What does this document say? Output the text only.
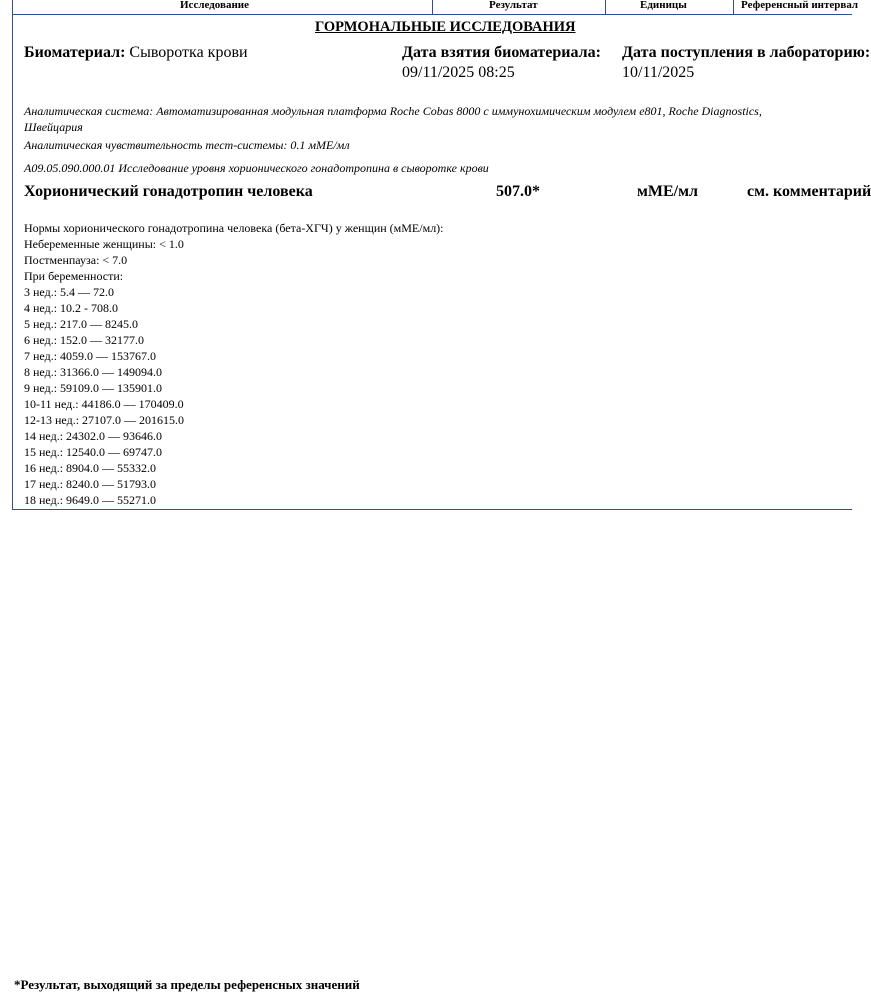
Исследование	Результат	Единицы	Референсный интервал
ГОРМОНАЛЬНЫЕ ИССЛЕДОВАНИЯ
Биоматериал: Сыворотка крови	Дата взятия биоматериала:
09/11/2025 08:25
Дата поступления в лабораторию:
10/11/2025
Аналитическая система: Автоматизированная модульная платформа Roche Cobas 8000 с иммунохимическим модулем e801, Roche Diagnostics,
Швейцария
Аналитическая чувствительность тест-системы: 0.1 мМЕ/мл
A09.05.090.000.01 Исследование уровня хорионического гонадотропина в сыворотке крови
Хорионический гонадотропин человека	507.0*	мМЕ/мл	см. комментарий
Нормы хорионического гонадотропина человека (бета-ХГЧ) у женщин (мМЕ/мл):
Небеременные женщины: < 1.0
Постменпауза: < 7.0
При беременности:
3 нед.: 5.4 — 72.0
4 нед.: 10.2 - 708.0
5 нед.: 217.0 — 8245.0
6 нед.: 152.0 — 32177.0
7 нед.: 4059.0 — 153767.0
8 нед.: 31366.0 — 149094.0
9 нед.: 59109.0 — 135901.0
10-11 нед.: 44186.0 — 170409.0
12-13 нед.: 27107.0 — 201615.0
14 нед.: 24302.0 — 93646.0
15 нед.: 12540.0 — 69747.0
16 нед.: 8904.0 — 55332.0
17 нед.: 8240.0 — 51793.0
18 нед.: 9649.0 — 55271.0
*Результат, выходящий за пределы референсных значений
